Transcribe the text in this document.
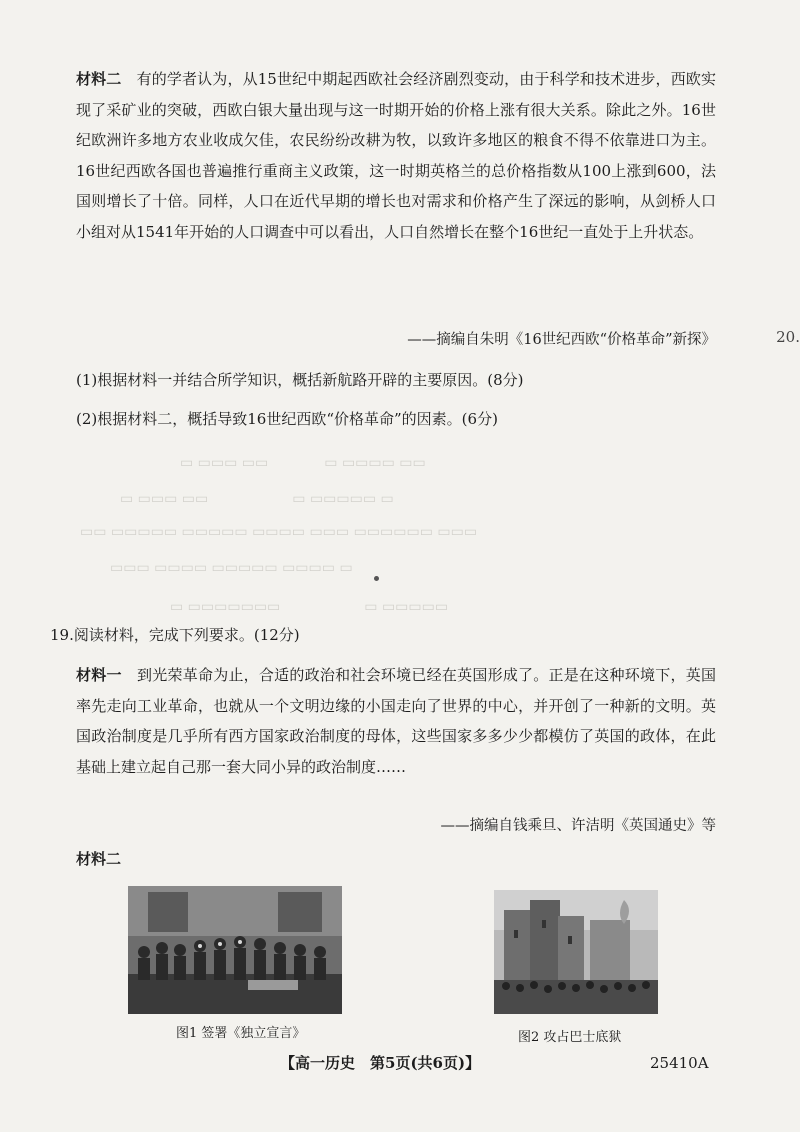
材料二　 有的学者认为，从15世纪中期起西欧社会经济剧烈变动，由于科学和技术进步，西欧实现了采矿业的突破，西欧白银大量出现与这一时期开始的价格上涨有很大关系。除此之外。16世纪欧洲许多地方农业收成欠佳，农民纷纷改耕为牧，以致许多地区的粮食不得不依靠进口为主。16世纪西欧各国也普遍推行重商主义政策，这一时期英格兰的总价格指数从100上涨到600，法国则增长了十倍。同样，人口在近代早期的增长也对需求和价格产生了深远的影响，从剑桥人口小组对从1541年开始的人口调查中可以看出，人口自然增长在整个16世纪一直处于上升状态。
——摘编自朱明《16世纪西欧“价格革命”新探》	20.
(1)根据材料一并结合所学知识，概括新航路开辟的主要原因。(8分)
(2)根据材料二，概括导致16世纪西欧“价格革命”的因素。(6分)
▭ ▭▭▭ ▭▭　　　　▭ ▭▭▭▭ ▭▭
▭ ▭▭▭ ▭▭　　　　　　▭ ▭▭▭▭▭ ▭
▭▭ ▭▭▭▭▭ ▭▭▭▭▭ ▭▭▭▭ ▭▭▭ ▭▭▭▭▭▭ ▭▭▭
▭▭▭ ▭▭▭▭ ▭▭▭▭▭ ▭▭▭▭ ▭
▭ ▭▭▭▭▭▭▭　　　　　　▭ ▭▭▭▭▭
19.阅读材料，完成下列要求。(12分)
材料一　 到光荣革命为止，合适的政治和社会环境已经在英国形成了。正是在这种环境下，英国率先走向工业革命，也就从一个文明边缘的小国走向了世界的中心，并开创了一种新的文明。英国政治制度是几乎所有西方国家政治制度的母体，这些国家多多少少都模仿了英国的政体，在此基础上建立起自己那一套大同小异的政治制度……
——摘编自钱乘旦、许洁明《英国通史》等
材料二
图1 签署《独立宣言》	图2 攻占巴士底狱
【高一历史　第5页(共6页)】	25410A
